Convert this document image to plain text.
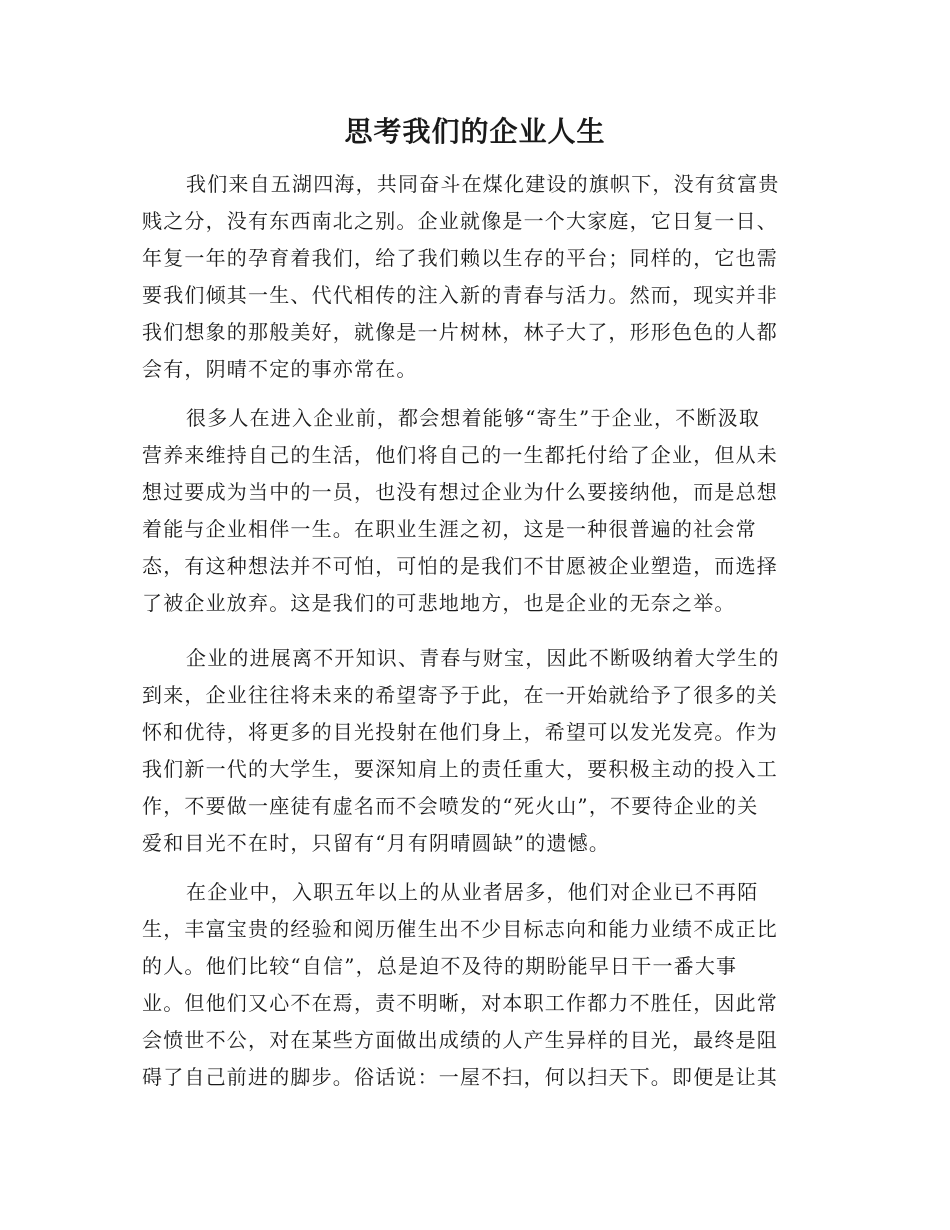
思考我们的企业人生
我们来自五湖四海，共同奋斗在煤化建设的旗帜下，没有贫富贵
贱之分，没有东西南北之别。企业就像是一个大家庭，它日复一日、
年复一年的孕育着我们，给了我们赖以生存的平台；同样的，它也需
要我们倾其一生、代代相传的注入新的青春与活力。然而，现实并非
我们想象的那般美好，就像是一片树林，林子大了，形形色色的人都
会有，阴晴不定的事亦常在。
很多人在进入企业前，都会想着能够“寄生”于企业，不断汲取
营养来维持自己的生活，他们将自己的一生都托付给了企业，但从未
想过要成为当中的一员，也没有想过企业为什么要接纳他，而是总想
着能与企业相伴一生。在职业生涯之初，这是一种很普遍的社会常
态，有这种想法并不可怕，可怕的是我们不甘愿被企业塑造，而选择
了被企业放弃。这是我们的可悲地地方，也是企业的无奈之举。
企业的进展离不开知识、青春与财宝，因此不断吸纳着大学生的
到来，企业往往将未来的希望寄予于此，在一开始就给予了很多的关
怀和优待，将更多的目光投射在他们身上，希望可以发光发亮。作为
我们新一代的大学生，要深知肩上的责任重大，要积极主动的投入工
作，不要做一座徒有虚名而不会喷发的“死火山”，不要待企业的关
爱和目光不在时，只留有“月有阴晴圆缺”的遗憾。
在企业中，入职五年以上的从业者居多，他们对企业已不再陌
生，丰富宝贵的经验和阅历催生出不少目标志向和能力业绩不成正比
的人。他们比较“自信”，总是迫不及待的期盼能早日干一番大事
业。但他们又心不在焉，责不明晰，对本职工作都力不胜任，因此常
会愤世不公，对在某些方面做出成绩的人产生异样的目光，最终是阻
碍了自己前进的脚步。俗话说：一屋不扫，何以扫天下。即便是让其
